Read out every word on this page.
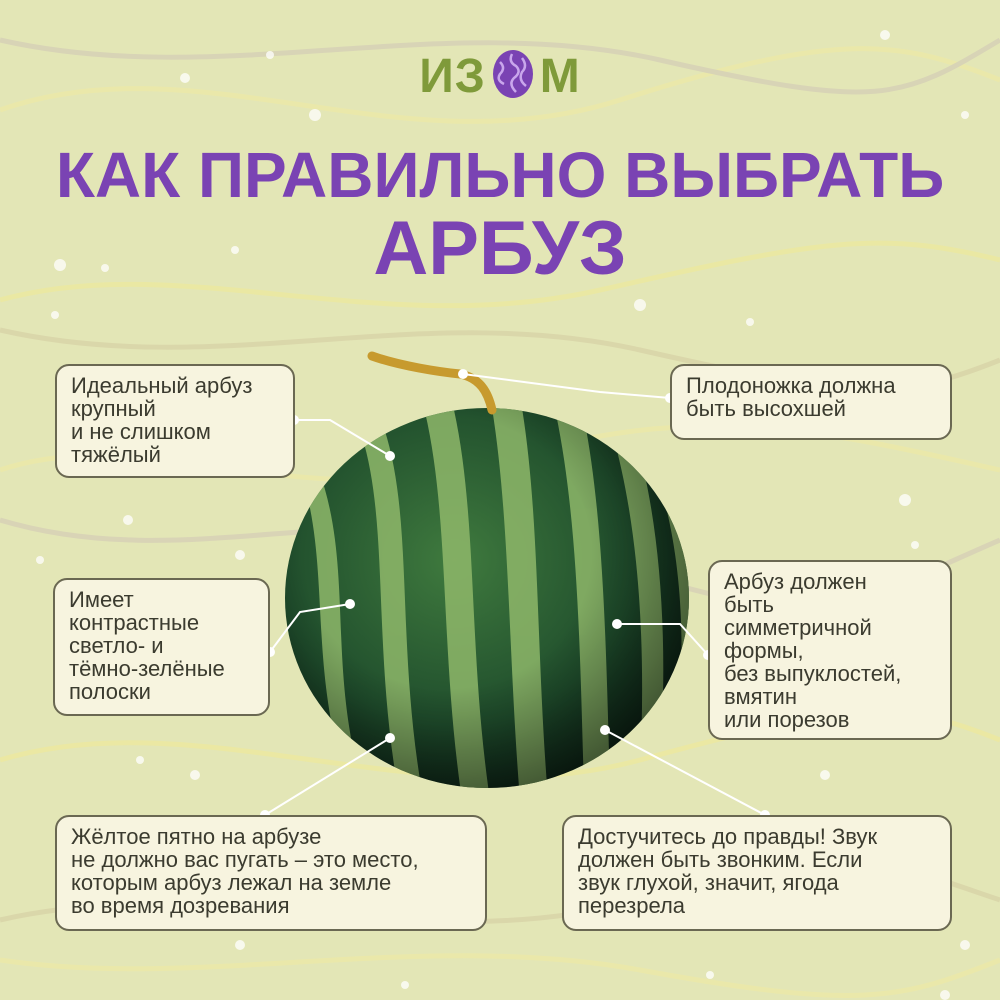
ИЗ М
КАК ПРАВИЛЬНО ВЫБРАТЬ
АРБУЗ
Идеальный арбуз
крупный
и не слишком
тяжёлый
Плодоножка должна
быть высохшей
Имеет
контрастные
светло- и
тёмно-зелёные
полоски
Арбуз должен
быть
симметричной
формы,
без выпуклостей,
вмятин
или порезов
Жёлтое пятно на арбузе
не должно вас пугать – это место,
которым арбуз лежал на земле
во время дозревания
Достучитесь до правды! Звук
должен быть звонким. Если
звук глухой, значит, ягода
перезрела
